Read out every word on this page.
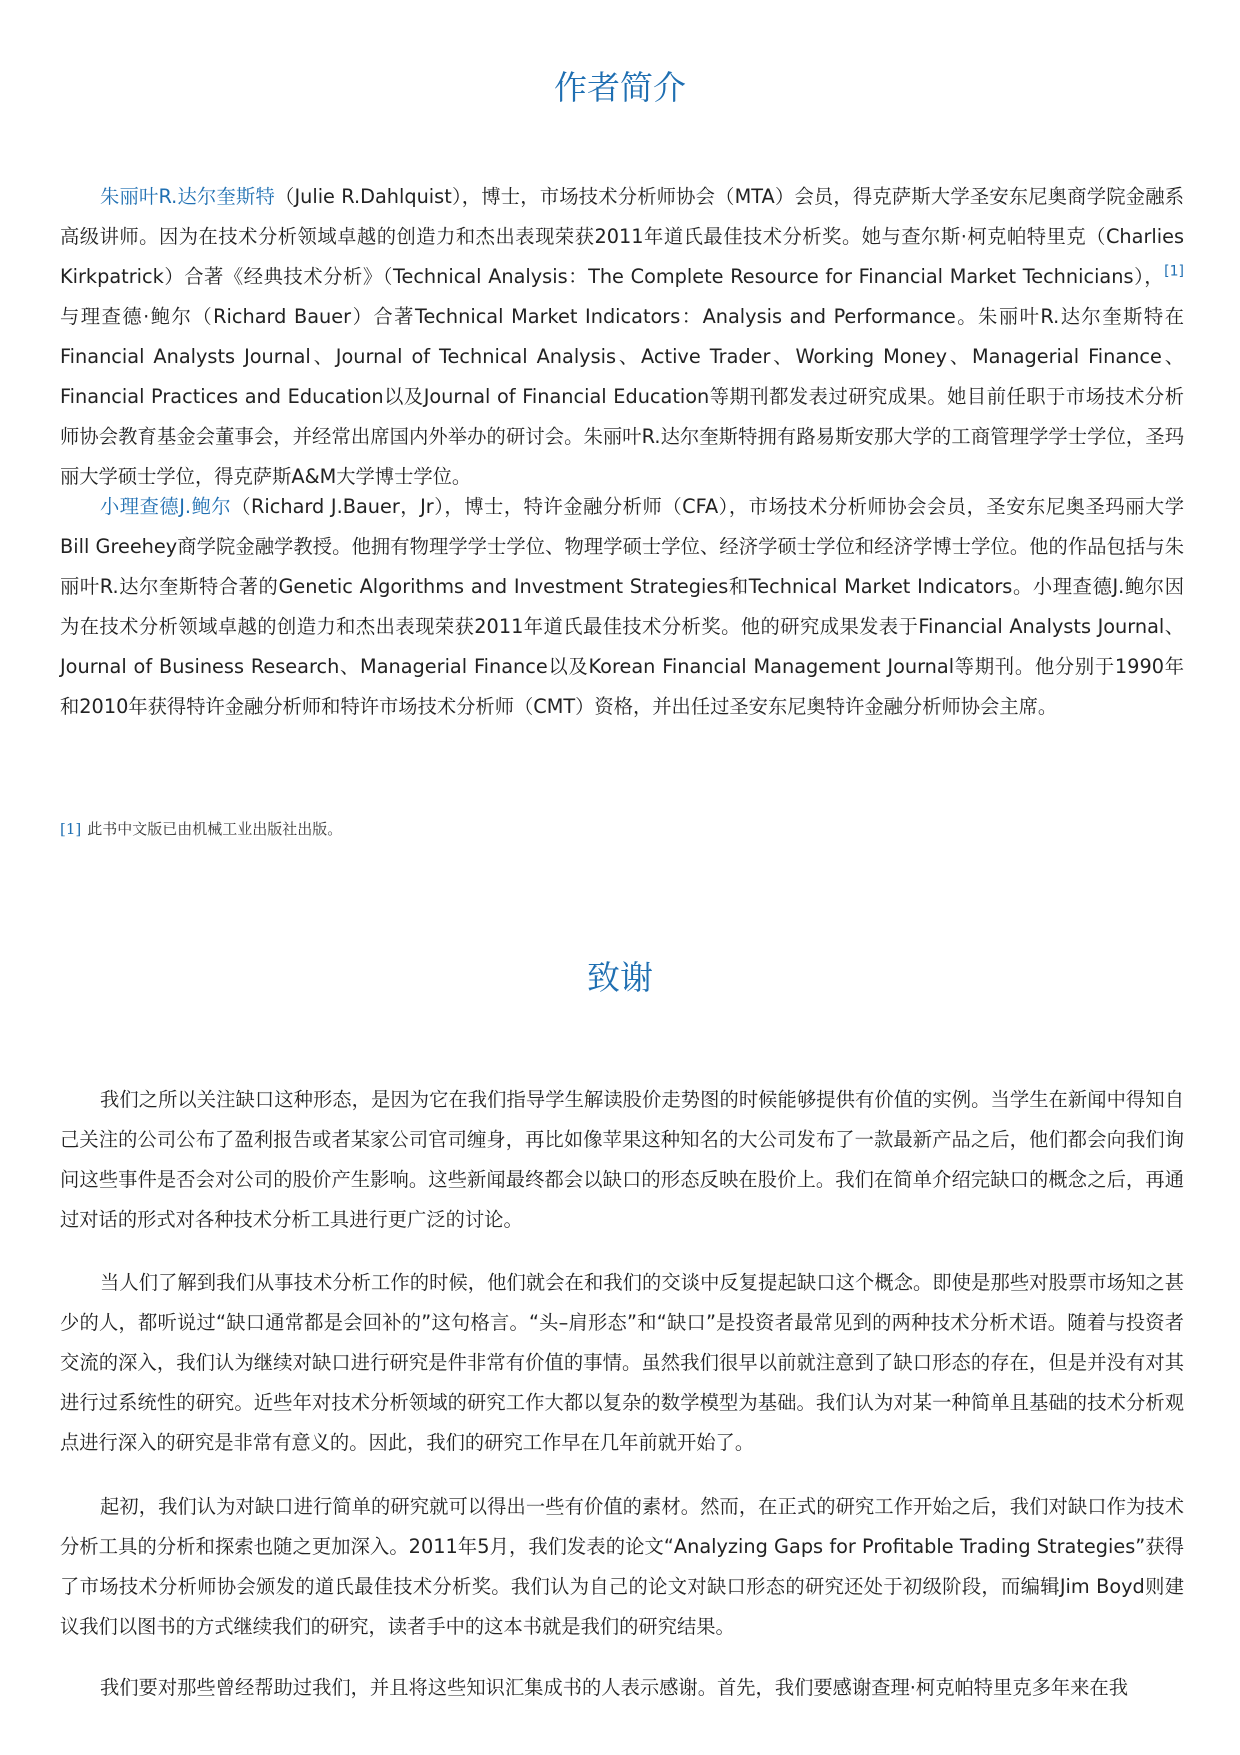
作者简介

朱丽叶R.达尔奎斯特（Julie R.Dahlquist），博士，市场技术分析师协会（MTA）会员，得克萨斯大学圣安东尼奥商学院金融系高级讲师。因为在技术分析领域卓越的创造力和杰出表现荣获2011年道氏最佳技术分析奖。她与查尔斯·柯克帕特里克（Charlies Kirkpatrick）合著《经典技术分析》（Technical Analysis：The Complete Resource for Financial Market Technicians），[1]与理查德·鲍尔（Richard Bauer）合著Technical Market Indicators：Analysis and Performance。朱丽叶R.达尔奎斯特在Financial Analysts Journal、Journal of Technical Analysis、Active Trader、Working Money、Managerial Finance、Financial Practices and Education以及Journal of Financial Education等期刊都发表过研究成果。她目前任职于市场技术分析师协会教育基金会董事会，并经常出席国内外举办的研讨会。朱丽叶R.达尔奎斯特拥有路易斯安那大学的工商管理学学士学位，圣玛丽大学硕士学位，得克萨斯A&M大学博士学位。

小理查德J.鲍尔（Richard J.Bauer，Jr），博士，特许金融分析师（CFA），市场技术分析师协会会员，圣安东尼奥圣玛丽大学Bill Greehey商学院金融学教授。他拥有物理学学士学位、物理学硕士学位、经济学硕士学位和经济学博士学位。他的作品包括与朱丽叶R.达尔奎斯特合著的Genetic Algorithms and Investment Strategies和Technical Market Indicators。小理查德J.鲍尔因为在技术分析领域卓越的创造力和杰出表现荣获2011年道氏最佳技术分析奖。他的研究成果发表于Financial Analysts Journal、Journal of Business Research、Managerial Finance以及Korean Financial Management Journal等期刊。他分别于1990年和2010年获得特许金融分析师和特许市场技术分析师（CMT）资格，并出任过圣安东尼奥特许金融分析师协会主席。

[1] 此书中文版已由机械工业出版社出版。

致谢

我们之所以关注缺口这种形态，是因为它在我们指导学生解读股价走势图的时候能够提供有价值的实例。当学生在新闻中得知自己关注的公司公布了盈利报告或者某家公司官司缠身，再比如像苹果这种知名的大公司发布了一款最新产品之后，他们都会向我们询问这些事件是否会对公司的股价产生影响。这些新闻最终都会以缺口的形态反映在股价上。我们在简单介绍完缺口的概念之后，再通过对话的形式对各种技术分析工具进行更广泛的讨论。

当人们了解到我们从事技术分析工作的时候，他们就会在和我们的交谈中反复提起缺口这个概念。即使是那些对股票市场知之甚少的人，都听说过“缺口通常都是会回补的”这句格言。“头–肩形态”和“缺口”是投资者最常见到的两种技术分析术语。随着与投资者交流的深入，我们认为继续对缺口进行研究是件非常有价值的事情。虽然我们很早以前就注意到了缺口形态的存在，但是并没有对其进行过系统性的研究。近些年对技术分析领域的研究工作大都以复杂的数学模型为基础。我们认为对某一种简单且基础的技术分析观点进行深入的研究是非常有意义的。因此，我们的研究工作早在几年前就开始了。

起初，我们认为对缺口进行简单的研究就可以得出一些有价值的素材。然而，在正式的研究工作开始之后，我们对缺口作为技术分析工具的分析和探索也随之更加深入。2011年5月，我们发表的论文“Analyzing Gaps for Profitable Trading Strategies”获得了市场技术分析师协会颁发的道氏最佳技术分析奖。我们认为自己的论文对缺口形态的研究还处于初级阶段，而编辑Jim Boyd则建议我们以图书的方式继续我们的研究，读者手中的这本书就是我们的研究结果。

我们要对那些曾经帮助过我们，并且将这些知识汇集成书的人表示感谢。首先，我们要感谢查理·柯克帕特里克多年来在我
